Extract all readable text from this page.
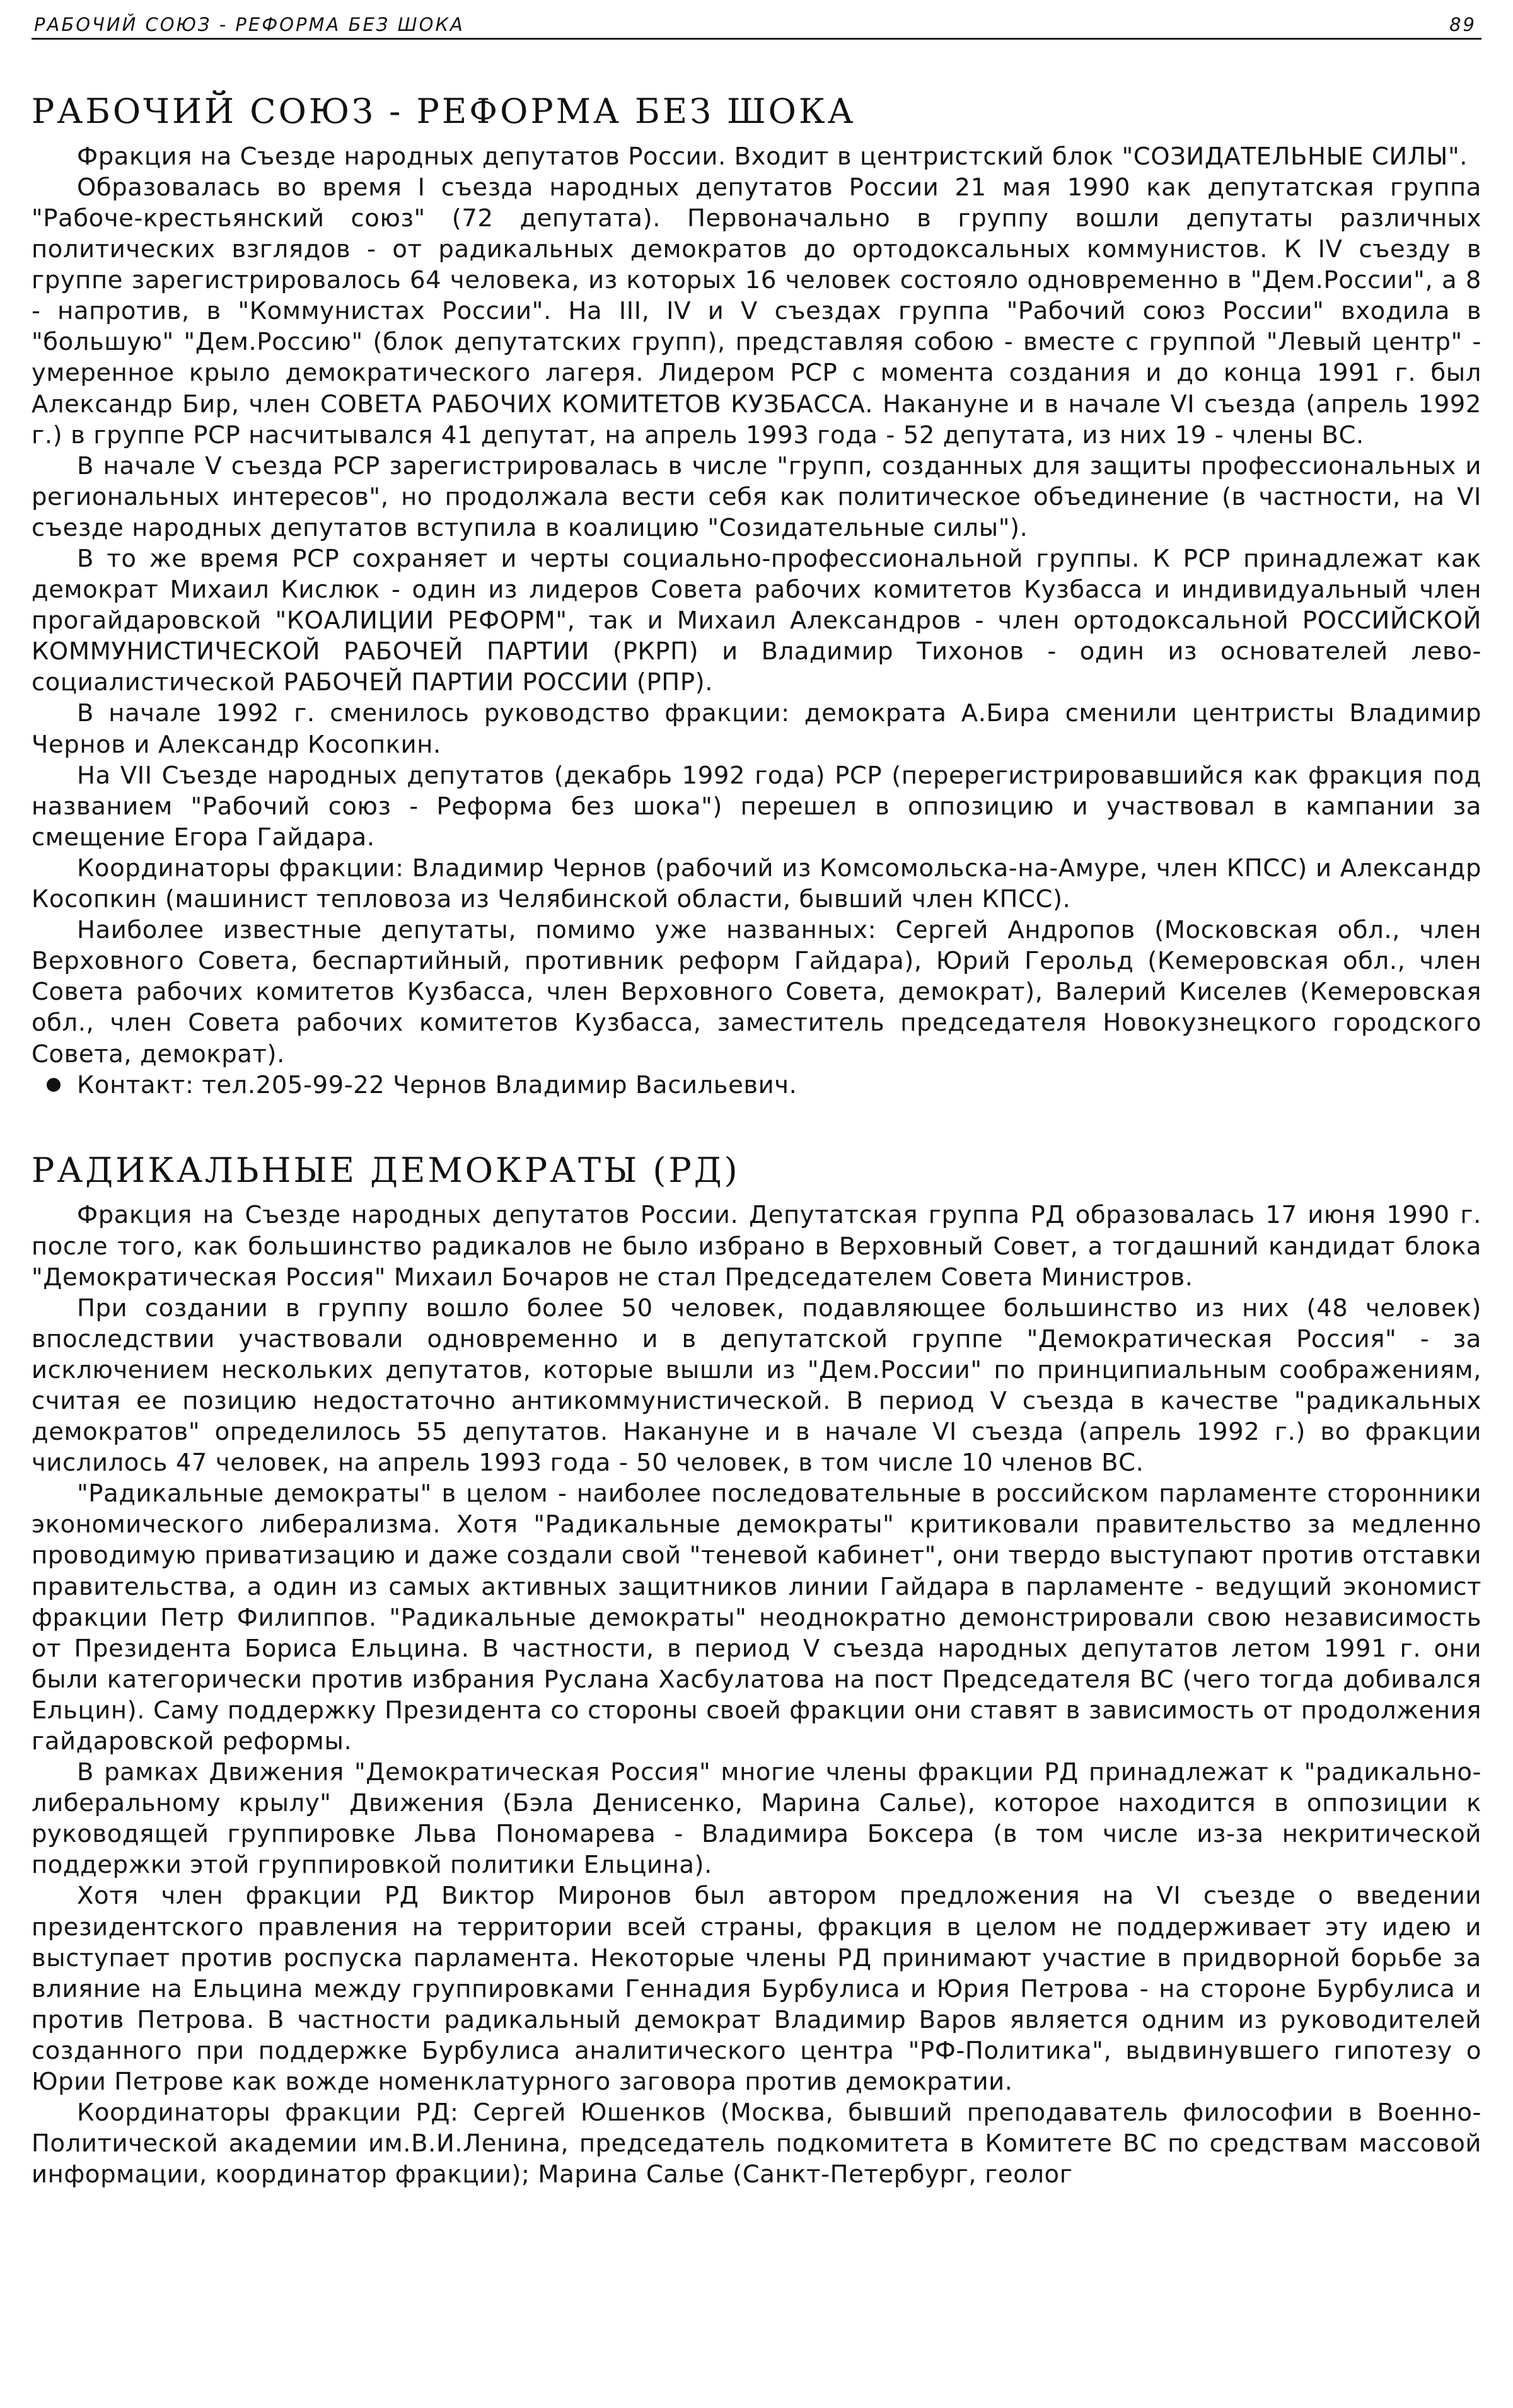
РАБОЧИЙ СОЮЗ - РЕФОРМА БЕЗ ШОКА	89
РАБОЧИЙ СОЮЗ - РЕФОРМА БЕЗ ШОКА

Фракция на Съезде народных депутатов России. Входит в центристский блок "СОЗИДАТЕЛЬНЫЕ СИЛЫ".

Образовалась во время I съезда народных депутатов России 21 мая 1990 как депутатская группа "Рабоче-крестьянский союз" (72 депутата). Первоначально в группу вошли депутаты различных политических взглядов - от радикальных демократов до ортодоксальных коммунистов. К IV съезду в группе зарегистрировалось 64 человека, из которых 16 человек состояло одновременно в "Дем.России", а 8 - напротив, в "Коммунистах России". На III, IV и V съездах группа "Рабочий союз России" входила в "большую" "Дем.Россию" (блок депутатских групп), представляя собою - вместе с группой "Левый центр" - умеренное крыло демократического лагеря. Лидером РСР с момента создания и до конца 1991 г. был Александр Бир, член СОВЕТА РАБОЧИХ КОМИТЕТОВ КУЗБАССА. Накануне и в начале VI съезда (апрель 1992 г.) в группе РСР насчитывался 41 депутат, на апрель 1993 года - 52 депутата, из них 19 - члены ВС.

В начале V съезда РСР зарегистрировалась в числе "групп, созданных для защиты профессиональных и региональных интересов", но продолжала вести себя как политическое объединение (в частности, на VI съезде народных депутатов вступила в коалицию "Созидательные силы").

В то же время РСР сохраняет и черты социально-профессиональной группы. К РСР принадлежат как демократ Михаил Кислюк - один из лидеров Совета рабочих комитетов Кузбасса и индивидуальный член прогайдаровской "КОАЛИЦИИ РЕФОРМ", так и Михаил Александров - член ортодоксальной РОССИЙСКОЙ КОММУНИСТИЧЕСКОЙ РАБОЧЕЙ ПАРТИИ (РКРП) и Владимир Тихонов - один из основателей лево-социалистической РАБОЧЕЙ ПАРТИИ РОССИИ (РПР).

В начале 1992 г. сменилось руководство фракции: демократа А.Бира сменили центристы Владимир Чернов и Александр Косопкин.

На VII Съезде народных депутатов (декабрь 1992 года) РСР (перерегистрировавшийся как фракция под названием "Рабочий союз - Реформа без шока") перешел в оппозицию и участвовал в кампании за смещение Егора Гайдара.

Координаторы фракции: Владимир Чернов (рабочий из Комсомольска-на-Амуре, член КПСС) и Александр Косопкин (машинист тепловоза из Челябинской области, бывший член КПСС).

Наиболее известные депутаты, помимо уже названных: Сергей Андропов (Московская обл., член Верховного Совета, беспартийный, противник реформ Гайдара), Юрий Герольд (Кемеровская обл., член Совета рабочих комитетов Кузбасса, член Верховного Совета, демократ), Валерий Киселев (Кемеровская обл., член Совета рабочих комитетов Кузбасса, заместитель председателя Новокузнецкого городского Совета, демократ).

Контакт: тел.205-99-22 Чернов Владимир Васильевич.

РАДИКАЛЬНЫЕ ДЕМОКРАТЫ (РД)

Фракция на Съезде народных депутатов России. Депутатская группа РД образовалась 17 июня 1990 г. после того, как большинство радикалов не было избрано в Верховный Совет, а тогдашний кандидат блока "Демократическая Россия" Михаил Бочаров не стал Председателем Совета Министров.

При создании в группу вошло более 50 человек, подавляющее большинство из них (48 человек) впоследствии участвовали одновременно и в депутатской группе "Демократическая Россия" - за исключением нескольких депутатов, которые вышли из "Дем.России" по принципиальным соображениям, считая ее позицию недостаточно антикоммунистической. В период V съезда в качестве "радикальных демократов" определилось 55 депутатов. Накануне и в начале VI съезда (апрель 1992 г.) во фракции числилось 47 человек, на апрель 1993 года - 50 человек, в том числе 10 членов ВС.

"Радикальные демократы" в целом - наиболее последовательные в российском парламенте сторонники экономического либерализма. Хотя "Радикальные демократы" критиковали правительство за медленно проводимую приватизацию и даже создали свой "теневой кабинет", они твердо выступают против отставки правительства, а один из самых активных защитников линии Гайдара в парламенте - ведущий экономист фракции Петр Филиппов. "Радикальные демократы" неоднократно демонстрировали свою независимость от Президента Бориса Ельцина. В частности, в период V съезда народных депутатов летом 1991 г. они были категорически против избрания Руслана Хасбулатова на пост Председателя ВС (чего тогда добивался Ельцин). Саму поддержку Президента со стороны своей фракции они ставят в зависимость от продолжения гайдаровской реформы.

В рамках Движения "Демократическая Россия" многие члены фракции РД принадлежат к "радикально-либеральному крылу" Движения (Бэла Денисенко, Марина Салье), которое находится в оппозиции к руководящей группировке Льва Пономарева - Владимира Боксера (в том числе из-за некритической поддержки этой группировкой политики Ельцина).

Хотя член фракции РД Виктор Миронов был автором предложения на VI съезде о введении президентского правления на территории всей страны, фракция в целом не поддерживает эту идею и выступает против роспуска парламента. Некоторые члены РД принимают участие в придворной борьбе за влияние на Ельцина между группировками Геннадия Бурбулиса и Юрия Петрова - на стороне Бурбулиса и против Петрова. В частности радикальный демократ Владимир Варов является одним из руководителей созданного при поддержке Бурбулиса аналитического центра "РФ-Политика", выдвинувшего гипотезу о Юрии Петрове как вожде номенклатурного заговора против демократии.

Координаторы фракции РД: Сергей Юшенков (Москва, бывший преподаватель философии в Военно-Политической академии им.В.И.Ленина, председатель подкомитета в Комитете ВС по средствам массовой информации, координатор фракции); Марина Салье (Санкт-Петербург, геолог
